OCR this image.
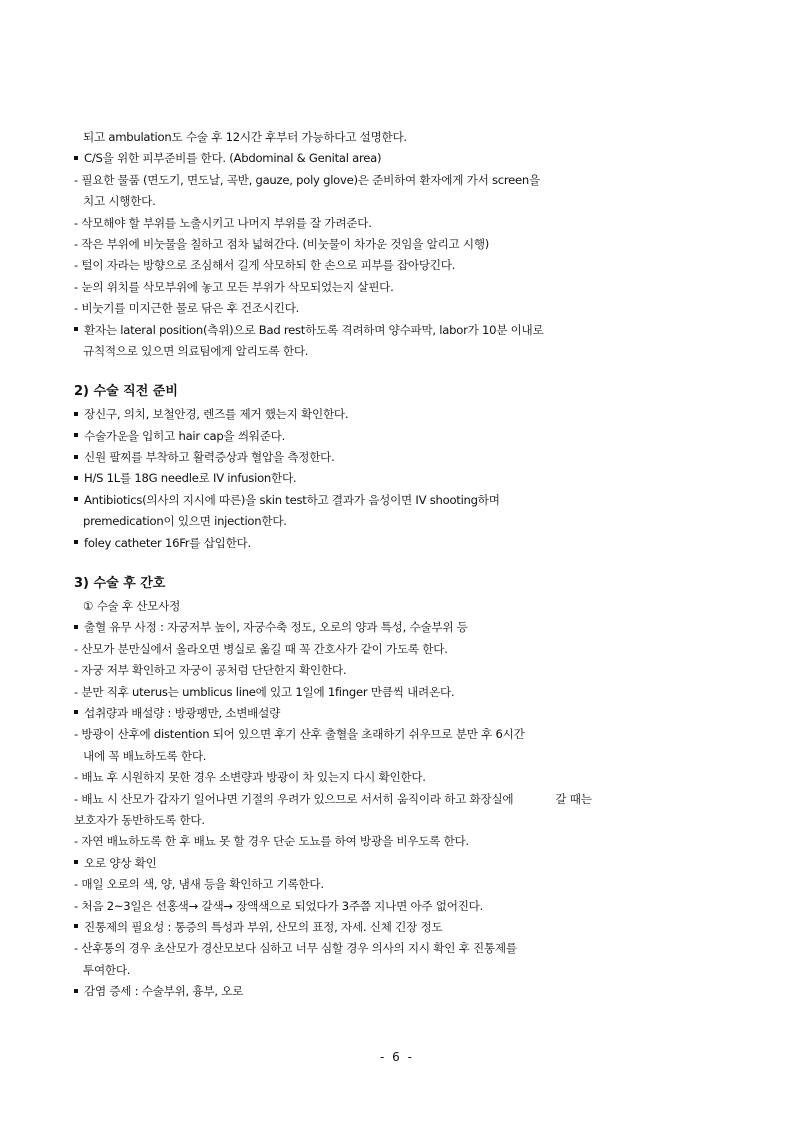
되고 ambulation도 수술 후 12시간 후부터 가능하다고 설명한다.
C/S을 위한 피부준비를 한다. (Abdominal & Genital area)
- 필요한 물품 (면도기, 면도날, 곡반, gauze, poly glove)은 준비하여 환자에게 가서 screen을
치고 시행한다.
- 삭모해야 할 부위를 노출시키고 나머지 부위를 잘 가려준다.
- 작은 부위에 비눗물을 칠하고 점차 넓혀간다. (비눗물이 차가운 것임을 알리고 시행)
- 털이 자라는 방향으로 조심해서 길게 삭모하되 한 손으로 피부를 잡아당긴다.
- 눈의 위치를 삭모부위에 놓고 모든 부위가 삭모되었는지 살핀다.
- 비눗기를 미지근한 물로 닦은 후 건조시킨다.
환자는 lateral position(측위)으로 Bad rest하도록 격려하며 양수파막, labor가 10분 이내로
규칙적으로 있으면 의료팀에게 알리도록 한다.
2) 수술 직전 준비
장신구, 의치, 보철안경, 렌즈를 제거 했는지 확인한다.
수술가운을 입히고 hair cap을 씌워준다.
신원 팔찌를 부착하고 활력증상과 혈압을 측정한다.
H/S 1L를 18G needle로 IV infusion한다.
Antibiotics(의사의 지시에 따른)을 skin test하고 결과가 음성이면 IV shooting하며
premedication이 있으면 injection한다.
foley catheter 16Fr를 삽입한다.
3) 수술 후 간호
① 수술 후 산모사정
출혈 유무 사정 : 자궁저부 높이, 자궁수축 정도, 오로의 양과 특성, 수술부위 등
- 산모가 분만실에서 올라오면 병실로 옮길 때 꼭 간호사가 같이 가도록 한다.
- 자궁 저부 확인하고 자궁이 공처럼 단단한지 확인한다.
- 분만 직후 uterus는 umblicus line에 있고 1일에 1finger 만큼씩 내려온다.
섭취량과 배설량 : 방광팽만, 소변배설량
- 방광이 산후에 distention 되어 있으면 후기 산후 출혈을 초래하기 쉬우므로 분만 후 6시간
내에 꼭 배뇨하도록 한다.
- 배뇨 후 시원하지 못한 경우 소변량과 방광이 차 있는지 다시 확인한다.
- 배뇨 시 산모가 갑자기 일어나면 기절의 우려가 있으므로 서서히 움직이라 하고 화장실에	갈 때는
보호자가 동반하도록 한다.
- 자연 배뇨하도록 한 후 배뇨 못 할 경우 단순 도뇨를 하여 방광을 비우도록 한다.
오로 양상 확인
- 매일 오로의 색, 양, 냄새 등을 확인하고 기록한다.
- 처음 2~3일은 선홍색→ 갈색→ 장액색으로 되었다가 3주쯤 지나면 아주 없어진다.
진통제의 필요성 : 통증의 특성과 부위, 산모의 표정, 자세. 신체 긴장 정도
- 산후통의 경우 초산모가 경산모보다 심하고 너무 심할 경우 의사의 지시 확인 후 진통제를
투여한다.
감염 증세 : 수술부위, 흉부, 오로
- 6 -
